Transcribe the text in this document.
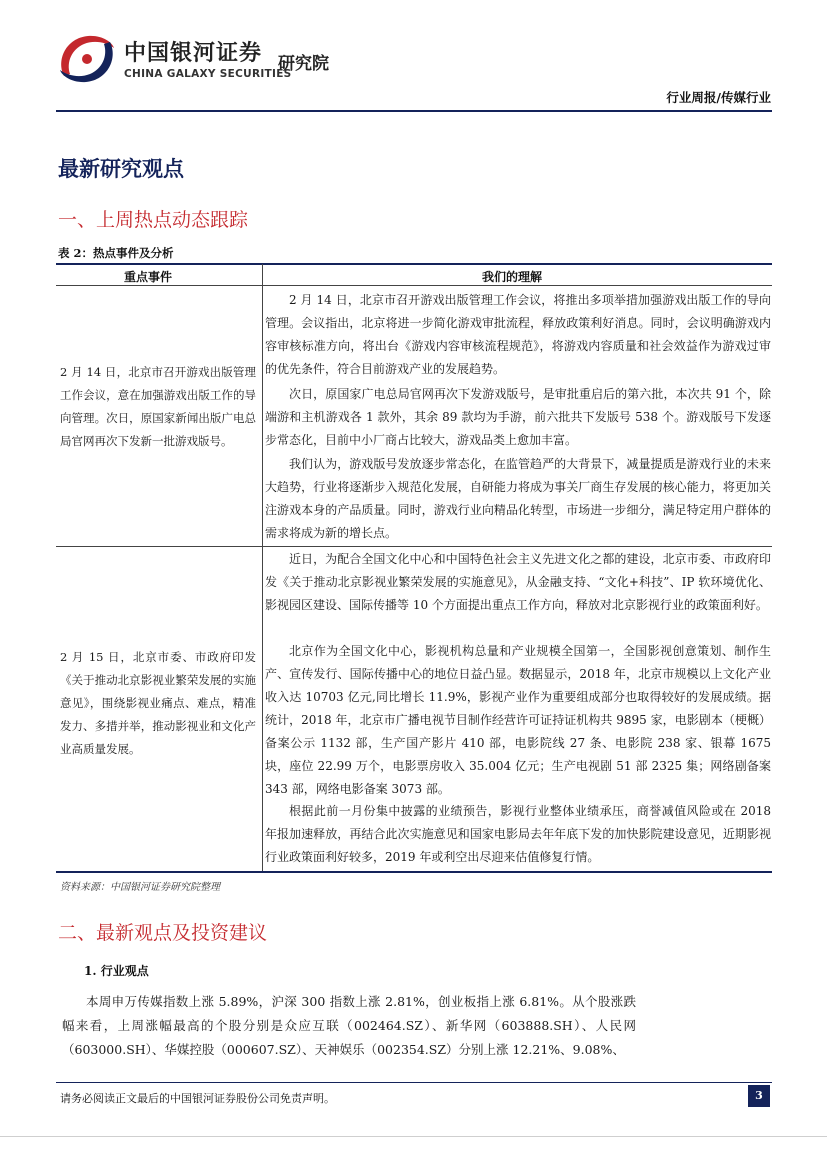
中国银河证券
CHINA GALAXY SECURITIES
研究院
行业周报/传媒行业
最新研究观点
一、上周热点动态跟踪
表 2：热点事件及分析
重点事件	我们的理解
2 月 14 日，北京市召开游戏出版管理工作会议，意在加强游戏出版工作的导向管理。次日，原国家新闻出版广电总局官网再次下发新一批游戏版号。
2 月 14 日，北京市召开游戏出版管理工作会议，将推出多项举措加强游戏出版工作的导向管理。会议指出，北京将进一步简化游戏审批流程，释放政策利好消息。同时，会议明确游戏内容审核标准方向，将出台《游戏内容审核流程规范》，将游戏内容质量和社会效益作为游戏过审的优先条件，符合目前游戏产业的发展趋势。
次日，原国家广电总局官网再次下发游戏版号，是审批重启后的第六批，本次共 91 个，除端游和主机游戏各 1 款外，其余 89 款均为手游，前六批共下发版号 538 个。游戏版号下发逐步常态化，目前中小厂商占比较大，游戏品类上愈加丰富。
我们认为，游戏版号发放逐步常态化，在监管趋严的大背景下，减量提质是游戏行业的未来大趋势，行业将逐渐步入规范化发展，自研能力将成为事关厂商生存发展的核心能力，将更加关注游戏本身的产品质量。同时，游戏行业向精品化转型，市场进一步细分，满足特定用户群体的需求将成为新的增长点。
2 月 15 日，北京市委、市政府印发《关于推动北京影视业繁荣发展的实施意见》，围绕影视业痛点、难点，精准发力、多措并举，推动影视业和文化产业高质量发展。
近日，为配合全国文化中心和中国特色社会主义先进文化之都的建设，北京市委、市政府印发《关于推动北京影视业繁荣发展的实施意见》，从金融支持、“文化+科技”、IP 软环境优化、影视园区建设、国际传播等 10 个方面提出重点工作方向，释放对北京影视行业的政策面利好。
北京作为全国文化中心，影视机构总量和产业规模全国第一，全国影视创意策划、制作生产、宣传发行、国际传播中心的地位日益凸显。数据显示，2018 年，北京市规模以上文化产业收入达 10703 亿元,同比增长 11.9%，影视产业作为重要组成部分也取得较好的发展成绩。据统计，2018 年，北京市广播电视节目制作经营许可证持证机构共 9895 家，电影剧本（梗概）备案公示 1132 部，生产国产影片 410 部，电影院线 27 条、电影院 238 家、银幕 1675 块，座位 22.99 万个，电影票房收入 35.004 亿元；生产电视剧 51 部 2325 集；网络剧备案 343 部，网络电影备案 3073 部。
根据此前一月份集中披露的业绩预告，影视行业整体业绩承压，商誉减值风险或在 2018 年报加速释放，再结合此次实施意见和国家电影局去年年底下发的加快影院建设意见，近期影视行业政策面利好较多，2019 年或利空出尽迎来估值修复行情。
资料来源：中国银河证券研究院整理
二、最新观点及投资建议
1. 行业观点
本周申万传媒指数上涨 5.89%，沪深 300 指数上涨 2.81%，创业板指上涨 6.81%。从个股涨跌幅来看，上周涨幅最高的个股分别是众应互联（002464.SZ）、新华网（603888.SH）、人民网（603000.SH）、华媒控股（000607.SZ）、天神娱乐（002354.SZ）分别上涨 12.21%、9.08%、
请务必阅读正文最后的中国银河证券股份公司免责声明。	3
